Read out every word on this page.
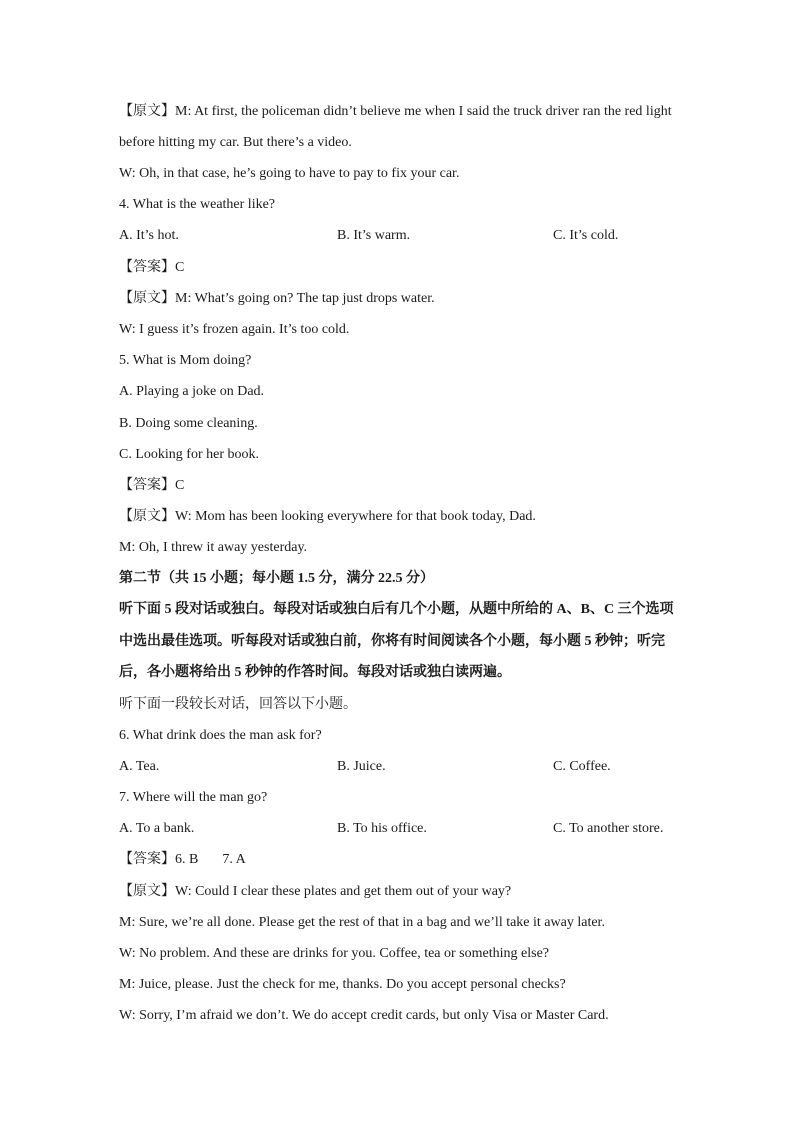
【原文】M: At first, the policeman didn’t believe me when I said the truck driver ran the red light
before hitting my car. But there’s a video.
W: Oh, in that case, he’s going to have to pay to fix your car.
4. What is the weather like?
A. It’s hot.	B. It’s warm.	C. It’s cold.
【答案】C
【原文】M: What’s going on? The tap just drops water.
W: I guess it’s frozen again. It’s too cold.
5. What is Mom doing?
A. Playing a joke on Dad.
B. Doing some cleaning.
C. Looking for her book.
【答案】C
【原文】W: Mom has been looking everywhere for that book today, Dad.
M: Oh, I threw it away yesterday.
第二节（共 15 小题；每小题 1.5 分，满分 22.5 分）
听下面 5 段对话或独白。每段对话或独白后有几个小题，从题中所给的 A、B、C 三个选项
中选出最佳选项。听每段对话或独白前，你将有时间阅读各个小题，每小题 5 秒钟；听完
后，各小题将给出 5 秒钟的作答时间。每段对话或独白读两遍。
听下面一段较长对话，回答以下小题。
6. What drink does the man ask for?
A. Tea.	B. Juice.	C. Coffee.
7. Where will the man go?
A. To a bank.	B. To his office.	C. To another store.
【答案】6. B 7. A
【原文】W: Could I clear these plates and get them out of your way?
M: Sure, we’re all done. Please get the rest of that in a bag and we’ll take it away later.
W: No problem. And these are drinks for you. Coffee, tea or something else?
M: Juice, please. Just the check for me, thanks. Do you accept personal checks?
W: Sorry, I’m afraid we don’t. We do accept credit cards, but only Visa or Master Card.
